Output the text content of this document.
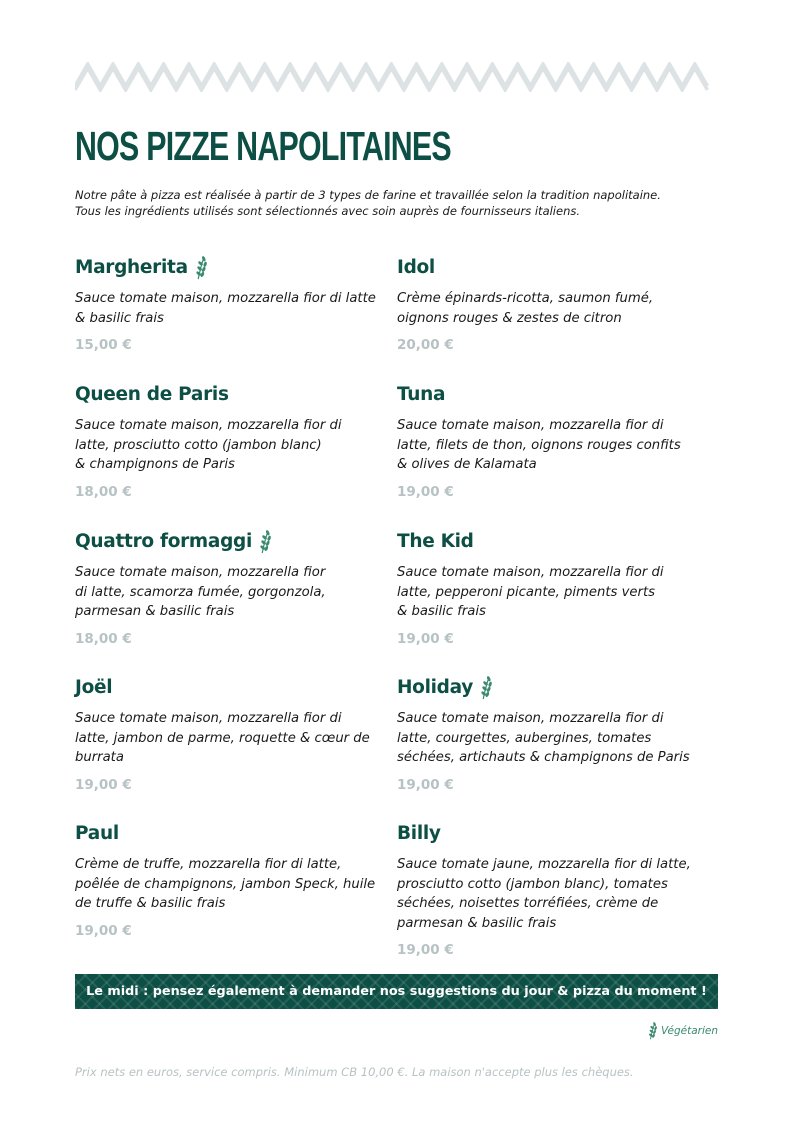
NOS PIZZE NAPOLITAINES
Notre pâte à pizza est réalisée à partir de 3 types de farine et travaillée selon la tradition napolitaine.
Tous les ingrédients utilisés sont sélectionnés avec soin auprès de fournisseurs italiens.
Margherita

Sauce tomate maison, mozzarella fior di latte
& basilic frais

15,00 €

Queen de Paris

Sauce tomate maison, mozzarella fior di
latte, prosciutto cotto (jambon blanc)
& champignons de Paris

18,00 €

Quattro formaggi

Sauce tomate maison, mozzarella fior
di latte, scamorza fumée, gorgonzola,
parmesan & basilic frais

18,00 €

Joël

Sauce tomate maison, mozzarella fior di
latte, jambon de parme, roquette & cœur de
burrata

19,00 €

Paul

Crème de truffe, mozzarella fior di latte,
poêlée de champignons, jambon Speck, huile
de truffe & basilic frais

19,00 €

Idol

Crème épinards-ricotta, saumon fumé,
oignons rouges & zestes de citron

20,00 €

Tuna

Sauce tomate maison, mozzarella fior di
latte, filets de thon, oignons rouges confits
& olives de Kalamata

19,00 €

The Kid

Sauce tomate maison, mozzarella fior di
latte, pepperoni picante, piments verts
& basilic frais

19,00 €

Holiday

Sauce tomate maison, mozzarella fior di
latte, courgettes, aubergines, tomates
séchées, artichauts & champignons de Paris

19,00 €

Billy

Sauce tomate jaune, mozzarella fior di latte,
prosciutto cotto (jambon blanc), tomates
séchées, noisettes torréfiées, crème de
parmesan & basilic frais

19,00 €

Le midi : pensez également à demander nos suggestions du jour & pizza du moment !
Végétarien

Prix nets en euros, service compris. Minimum CB 10,00 €. La maison n'accepte plus les chèques.
